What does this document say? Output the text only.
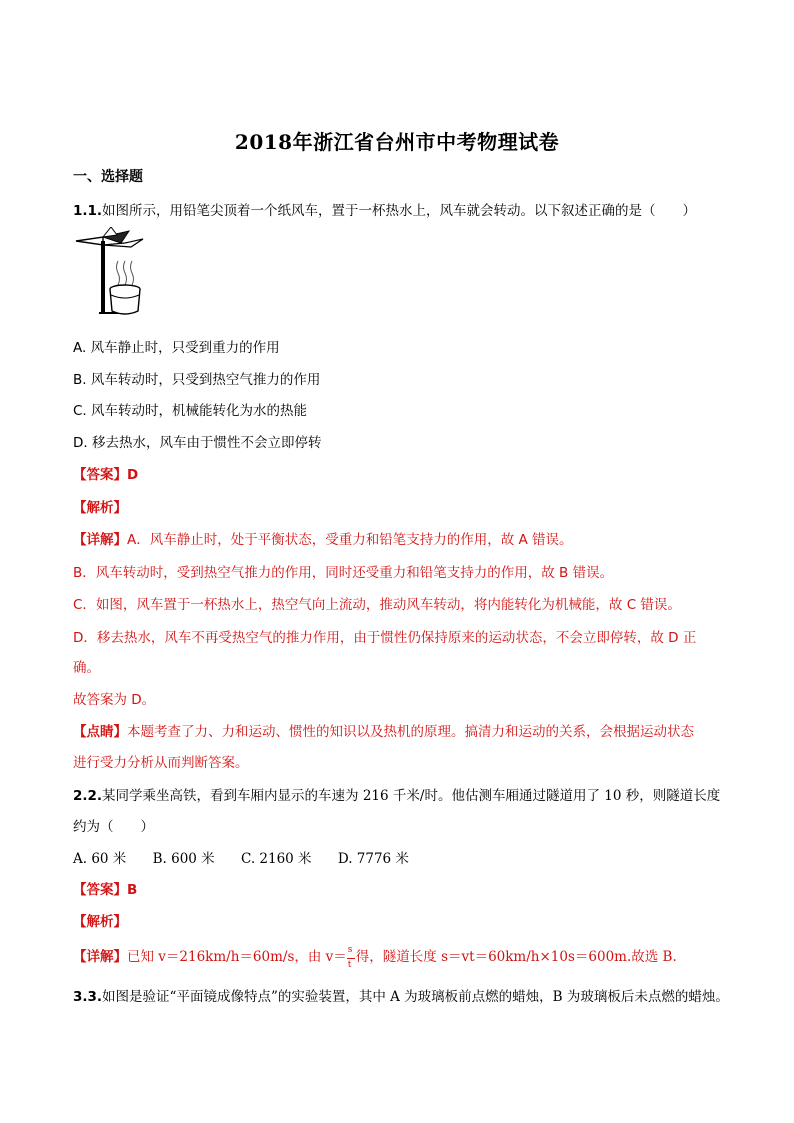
2018年浙江省台州市中考物理试卷
一、选择题
1.1.如图所示，用铅笔尖顶着一个纸风车，置于一杯热水上，风车就会转动。以下叙述正确的是（　　）
A. 风车静止时，只受到重力的作用
B. 风车转动时，只受到热空气推力的作用
C. 风车转动时，机械能转化为水的热能
D. 移去热水，风车由于惯性不会立即停转
【答案】D
【解析】
【详解】A．风车静止时，处于平衡状态，受重力和铅笔支持力的作用，故 A 错误。
B．风车转动时，受到热空气推力的作用，同时还受重力和铅笔支持力的作用，故 B 错误。
C．如图，风车置于一杯热水上，热空气向上流动，推动风车转动，将内能转化为机械能，故 C 错误。
D．移去热水，风车不再受热空气的推力作用，由于惯性仍保持原来的运动状态，不会立即停转，故 D 正
确。
故答案为 D。
【点睛】本题考查了力、力和运动、惯性的知识以及热机的原理。搞清力和运动的关系，会根据运动状态
进行受力分析从而判断答案。
2.2.某同学乘坐高铁，看到车厢内显示的车速为 216 千米/时。他估测车厢通过隧道用了 10 秒，则隧道长度
约为（　　）
A. 60 米 B. 600 米 C. 2160 米 D. 7776 米
【答案】B
【解析】
【详解】已知 v＝216km/h＝60m/s，由 v＝
$\frac{s}{t}$
得，隧道长度 s＝vt＝60km/h×10s＝600m.故选 B.
3.3.如图是验证“平面镜成像特点”的实验装置，其中 A 为玻璃板前点燃的蜡烛，B 为玻璃板后未点燃的蜡烛。
